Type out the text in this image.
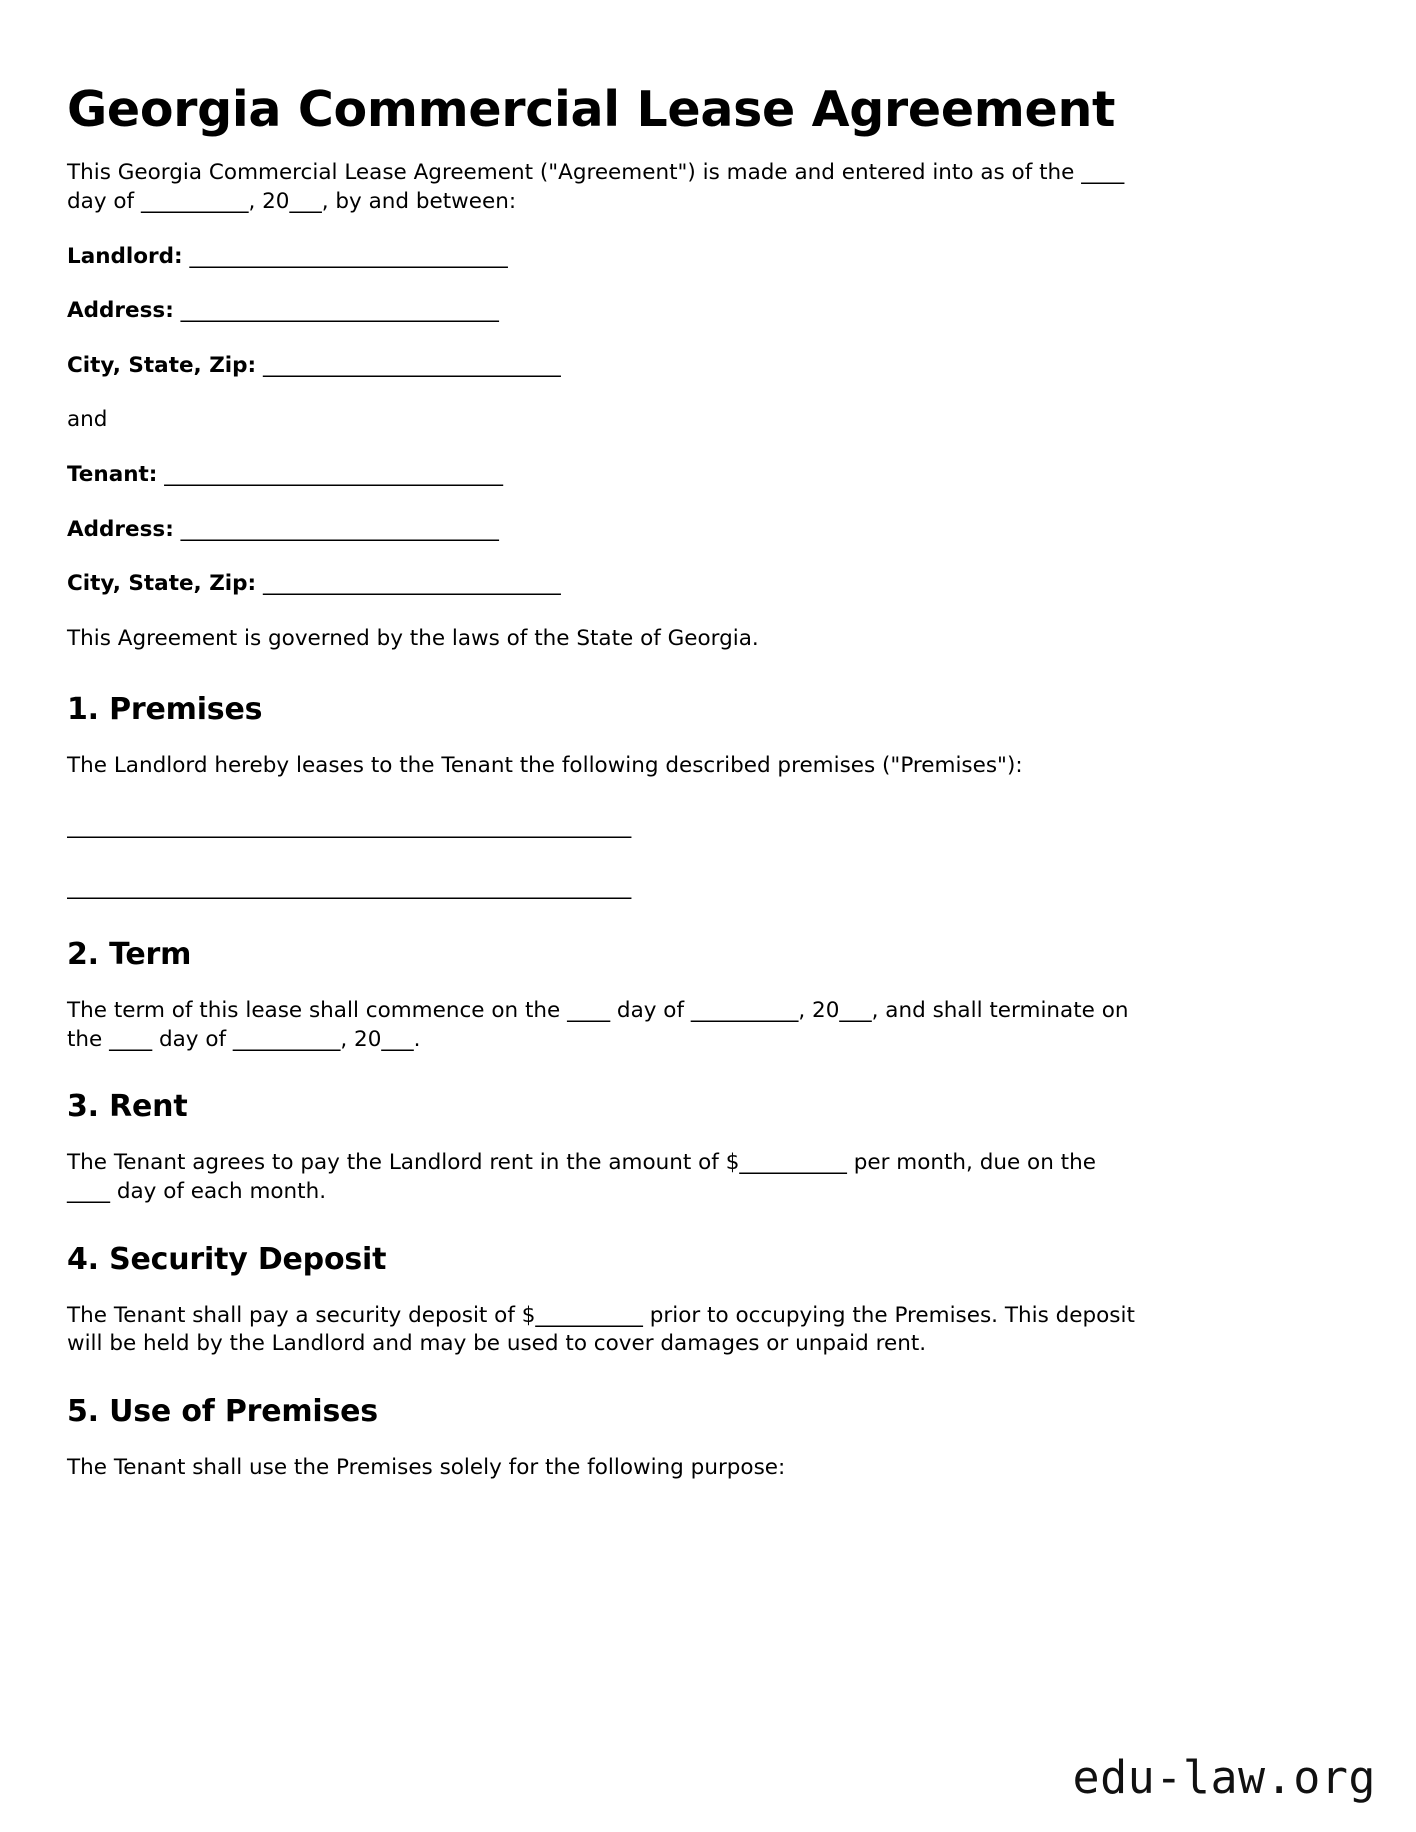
Georgia Commercial Lease Agreement

This Georgia Commercial Lease Agreement ("Agreement") is made and entered into as of the ____ day of __________, 20___, by and between:

Landlord: _______________________________

Address: _______________________________

City, State, Zip: _____________________________

and

Tenant: _________________________________

Address: _______________________________

City, State, Zip: _____________________________

This Agreement is governed by the laws of the State of Georgia.

1. Premises

The Landlord hereby leases to the Tenant the following described premises ("Premises"):

_______________________________________________________

_______________________________________________________

2. Term

The term of this lease shall commence on the ____ day of __________, 20___, and shall terminate on the ____ day of __________, 20___.

3. Rent

The Tenant agrees to pay the Landlord rent in the amount of $__________ per month, due on the ____ day of each month.

4. Security Deposit

The Tenant shall pay a security deposit of $__________ prior to occupying the Premises. This deposit will be held by the Landlord and may be used to cover damages or unpaid rent.

5. Use of Premises

The Tenant shall use the Premises solely for the following purpose:

edu-law.org
